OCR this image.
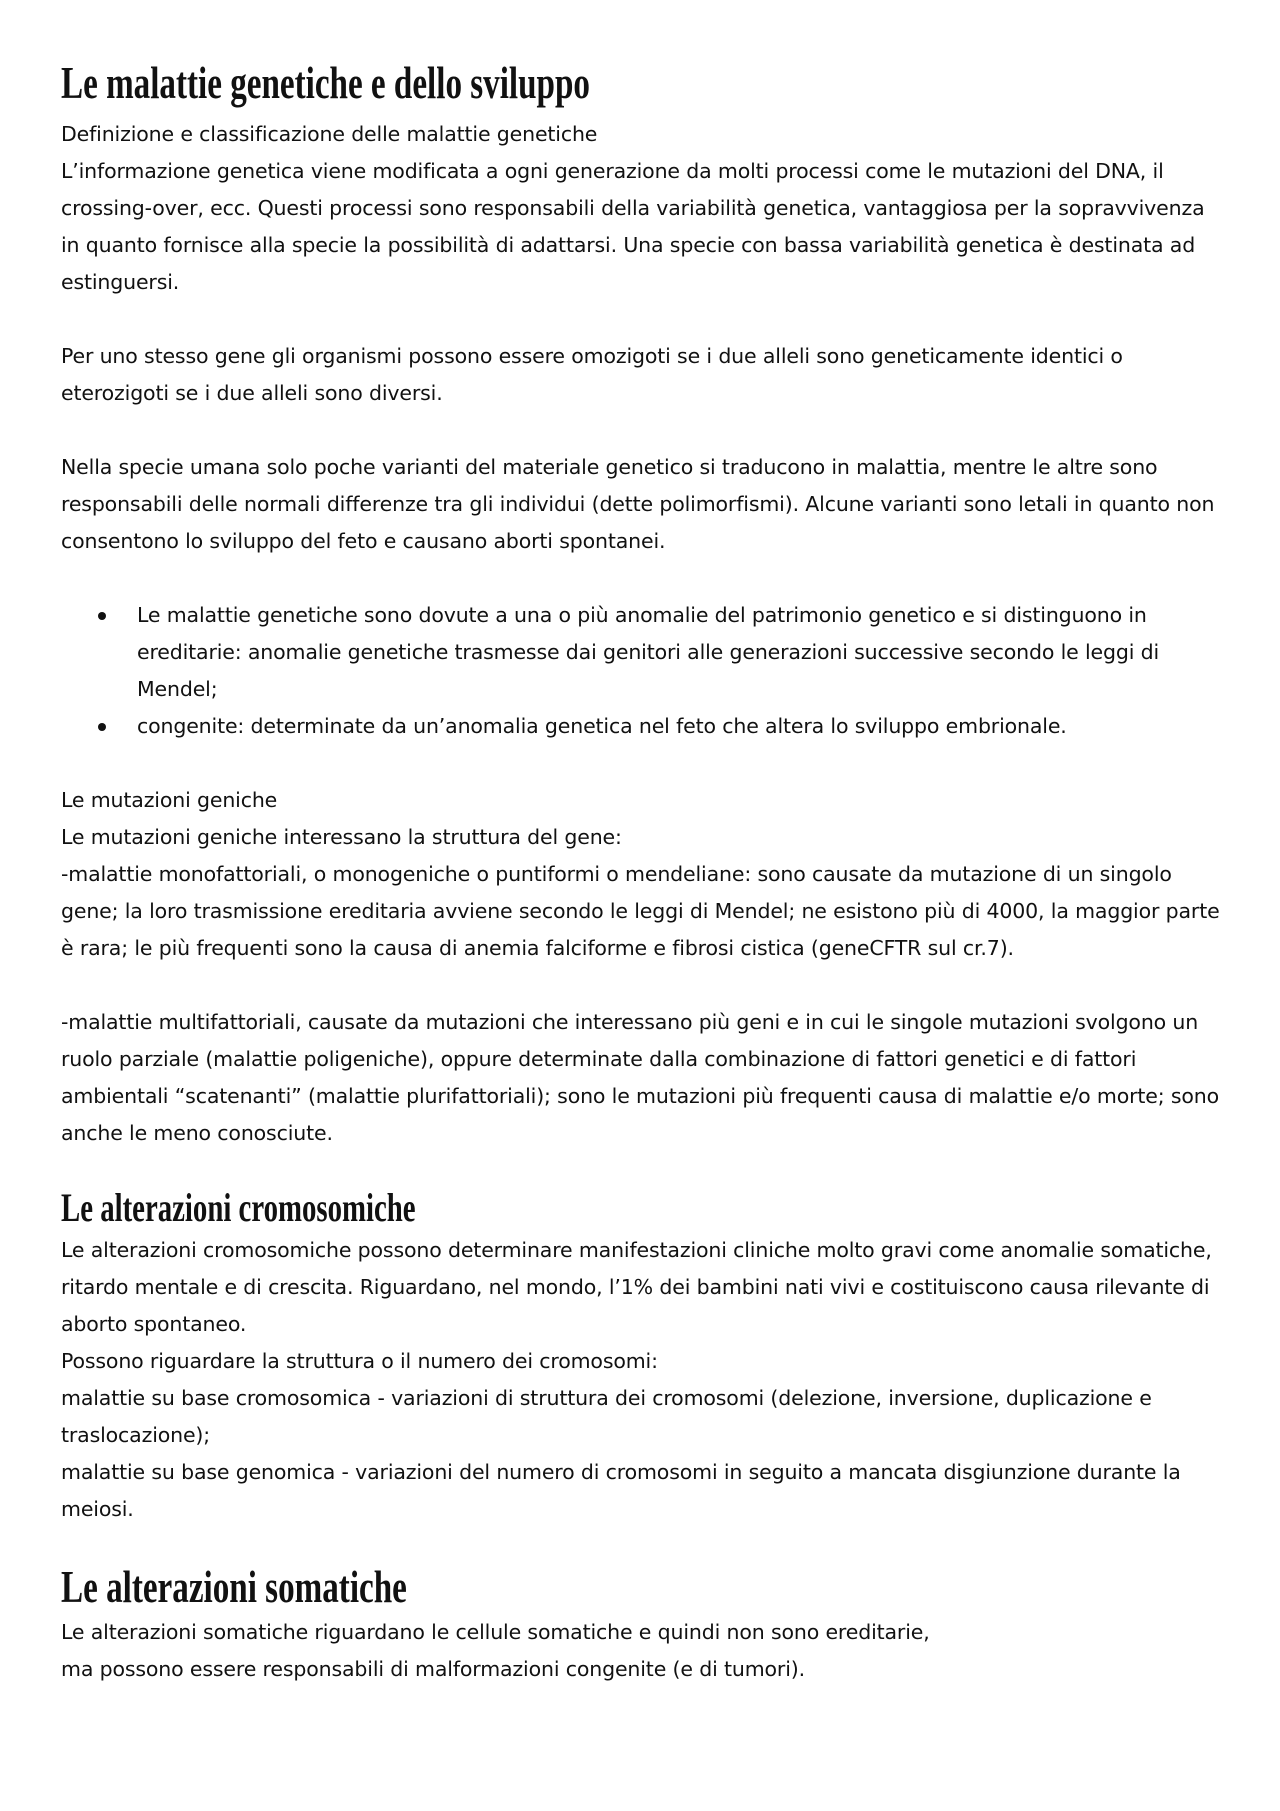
Le malattie genetiche e dello sviluppo

Definizione e classificazione delle malattie genetiche

L’informazione genetica viene modificata a ogni generazione da molti processi come le mutazioni del DNA, il crossing-over, ecc. Questi processi sono responsabili della variabilità genetica, vantaggiosa per la sopravvivenza in quanto fornisce alla specie la possibilità di adattarsi. Una specie con bassa variabilità genetica è destinata ad estinguersi.

Per uno stesso gene gli organismi possono essere omozigoti se i due alleli sono geneticamente identici o eterozigoti se i due alleli sono diversi.

Nella specie umana solo poche varianti del materiale genetico si traducono in malattia, mentre le altre sono responsabili delle normali differenze tra gli individui (dette polimorfismi). Alcune varianti sono letali in quanto non consentono lo sviluppo del feto e causano aborti spontanei.

Le malattie genetiche sono dovute a una o più anomalie del patrimonio genetico e si distinguono in ereditarie: anomalie genetiche trasmesse dai genitori alle generazioni successive secondo le leggi di Mendel;
congenite: determinate da un’anomalia genetica nel feto che altera lo sviluppo embrionale.

Le mutazioni geniche

Le mutazioni geniche interessano la struttura del gene:

-malattie monofattoriali, o monogeniche o puntiformi o mendeliane: sono causate da mutazione di un singolo gene; la loro trasmissione ereditaria avviene secondo le leggi di Mendel; ne esistono più di 4000, la maggior parte è rara; le più frequenti sono la causa di anemia falciforme e fibrosi cistica (geneCFTR sul cr.7).

-malattie multifattoriali, causate da mutazioni che interessano più geni e in cui le singole mutazioni svolgono un ruolo parziale (malattie poligeniche), oppure determinate dalla combinazione di fattori genetici e di fattori ambientali “scatenanti” (malattie plurifattoriali); sono le mutazioni più frequenti causa di malattie e/o morte; sono anche le meno conosciute.

Le alterazioni cromosomiche

Le alterazioni cromosomiche possono determinare manifestazioni cliniche molto gravi come anomalie somatiche, ritardo mentale e di crescita. Riguardano, nel mondo, l’1% dei bambini nati vivi e costituiscono causa rilevante di aborto spontaneo.

Possono riguardare la struttura o il numero dei cromosomi:

malattie su base cromosomica - variazioni di struttura dei cromosomi (delezione, inversione, duplicazione e traslocazione);

malattie su base genomica - variazioni del numero di cromosomi in seguito a mancata disgiunzione durante la meiosi.

Le alterazioni somatiche

Le alterazioni somatiche riguardano le cellule somatiche e quindi non sono ereditarie,

ma possono essere responsabili di malformazioni congenite (e di tumori).
